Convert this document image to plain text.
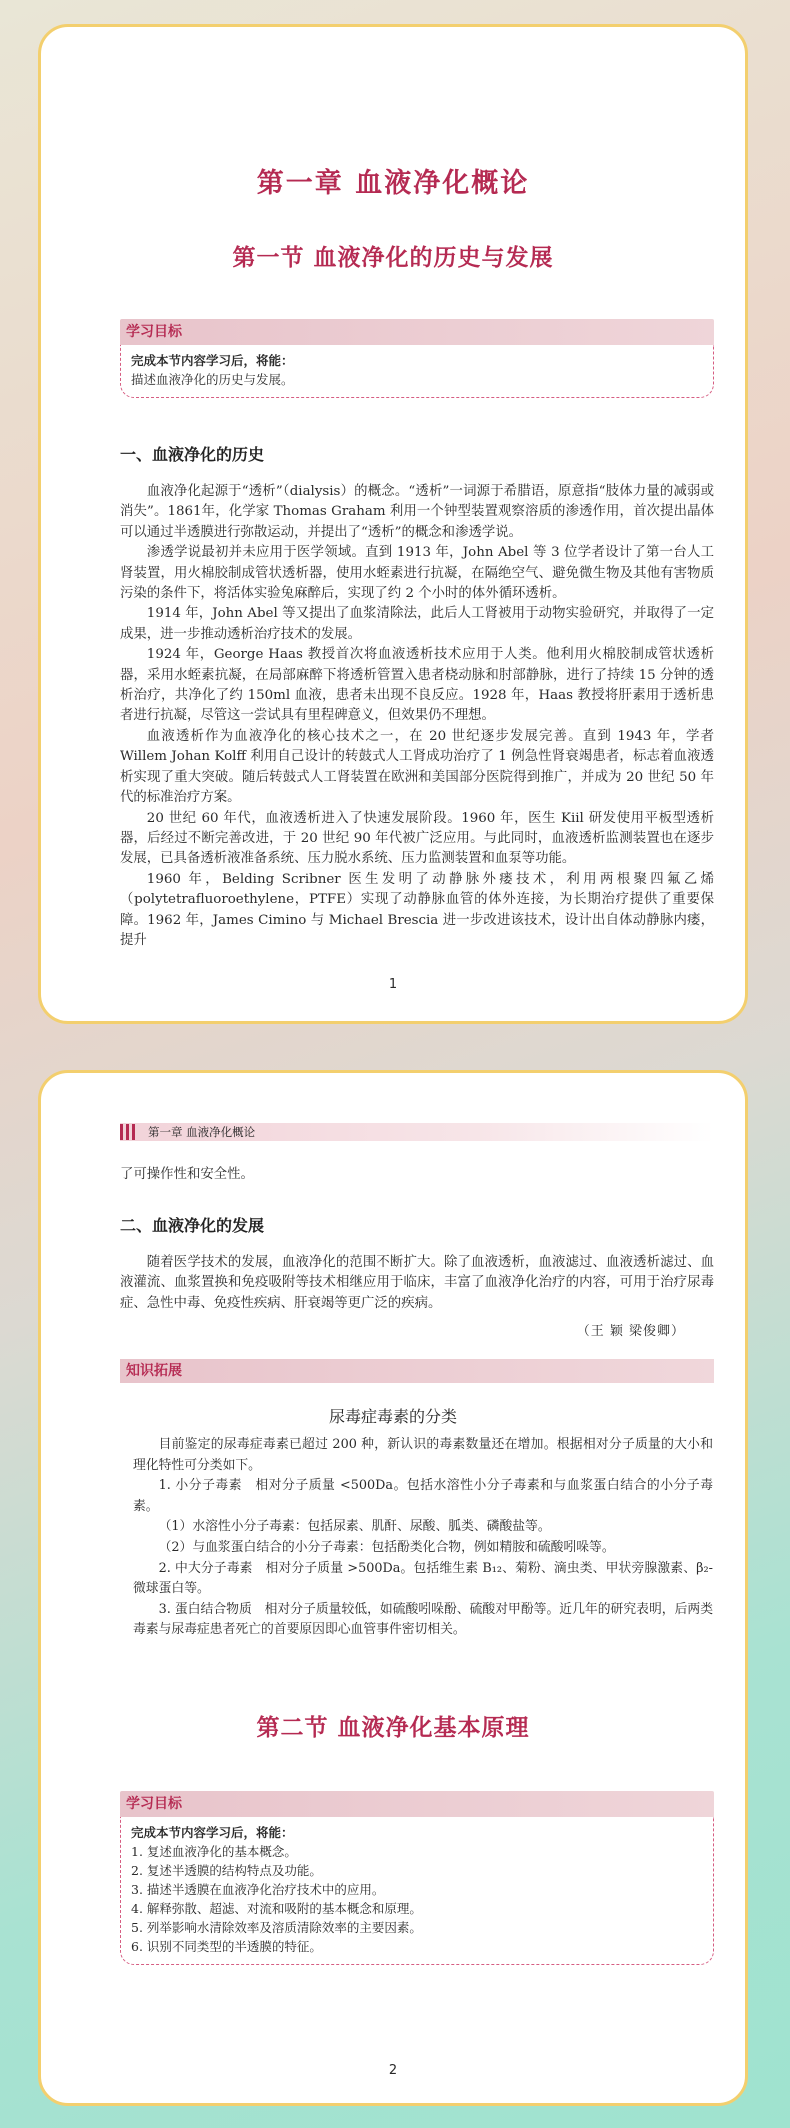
第一章 血液净化概论
第一节 血液净化的历史与发展
学习目标
完成本节内容学习后，将能：
描述血液净化的历史与发展。
一、血液净化的历史

血液净化起源于“透析”（dialysis）的概念。“透析”一词源于希腊语，原意指“肢体力量的减弱或消失”。1861年，化学家 Thomas Graham 利用一个钟型装置观察溶质的渗透作用，首次提出晶体可以通过半透膜进行弥散运动，并提出了“透析”的概念和渗透学说。

渗透学说最初并未应用于医学领域。直到 1913 年，John Abel 等 3 位学者设计了第一台人工肾装置，用火棉胶制成管状透析器，使用水蛭素进行抗凝，在隔绝空气、避免微生物及其他有害物质污染的条件下，将活体实验兔麻醉后，实现了约 2 个小时的体外循环透析。

1914 年，John Abel 等又提出了血浆清除法，此后人工肾被用于动物实验研究，并取得了一定成果，进一步推动透析治疗技术的发展。

1924 年，George Haas 教授首次将血液透析技术应用于人类。他利用火棉胶制成管状透析器，采用水蛭素抗凝，在局部麻醉下将透析管置入患者桡动脉和肘部静脉，进行了持续 15 分钟的透析治疗，共净化了约 150ml 血液，患者未出现不良反应。1928 年，Haas 教授将肝素用于透析患者进行抗凝，尽管这一尝试具有里程碑意义，但效果仍不理想。

血液透析作为血液净化的核心技术之一，在 20 世纪逐步发展完善。直到 1943 年，学者 Willem Johan Kolff 利用自己设计的转鼓式人工肾成功治疗了 1 例急性肾衰竭患者，标志着血液透析实现了重大突破。随后转鼓式人工肾装置在欧洲和美国部分医院得到推广，并成为 20 世纪 50 年代的标准治疗方案。

20 世纪 60 年代，血液透析进入了快速发展阶段。1960 年，医生 Kiil 研发使用平板型透析器，后经过不断完善改进，于 20 世纪 90 年代被广泛应用。与此同时，血液透析监测装置也在逐步发展，已具备透析液准备系统、压力脱水系统、压力监测装置和血泵等功能。

1960 年，Belding Scribner 医生发明了动静脉外瘘技术，利用两根聚四氟乙烯（polytetrafluoroethylene，PTFE）实现了动静脉血管的体外连接，为长期治疗提供了重要保障。1962 年，James Cimino 与 Michael Brescia 进一步改进该技术，设计出自体动静脉内瘘，提升

1
第一章 血液净化概论

了可操作性和安全性。

二、血液净化的发展

随着医学技术的发展，血液净化的范围不断扩大。除了血液透析，血液滤过、血液透析滤过、血液灌流、血浆置换和免疫吸附等技术相继应用于临床，丰富了血液净化治疗的内容，可用于治疗尿毒症、急性中毒、免疫性疾病、肝衰竭等更广泛的疾病。

（王 颖 梁俊卿）
知识拓展
尿毒症毒素的分类

目前鉴定的尿毒症毒素已超过 200 种，新认识的毒素数量还在增加。根据相对分子质量的大小和理化特性可分类如下。

1. 小分子毒素　相对分子质量 <500Da。包括水溶性小分子毒素和与血浆蛋白结合的小分子毒素。

（1）水溶性小分子毒素：包括尿素、肌酐、尿酸、胍类、磷酸盐等。

（2）与血浆蛋白结合的小分子毒素：包括酚类化合物，例如精胺和硫酸吲哚等。

2. 中大分子毒素　相对分子质量 >500Da。包括维生素 B₁₂、菊粉、滴虫类、甲状旁腺激素、β₂-微球蛋白等。

3. 蛋白结合物质　相对分子质量较低，如硫酸吲哚酚、硫酸对甲酚等。近几年的研究表明，后两类毒素与尿毒症患者死亡的首要原因即心血管事件密切相关。

第二节 血液净化基本原理
学习目标
完成本节内容学习后，将能：
1. 复述血液净化的基本概念。
2. 复述半透膜的结构特点及功能。
3. 描述半透膜在血液净化治疗技术中的应用。
4. 解释弥散、超滤、对流和吸附的基本概念和原理。
5. 列举影响水清除效率及溶质清除效率的主要因素。
6. 识别不同类型的半透膜的特征。
2
